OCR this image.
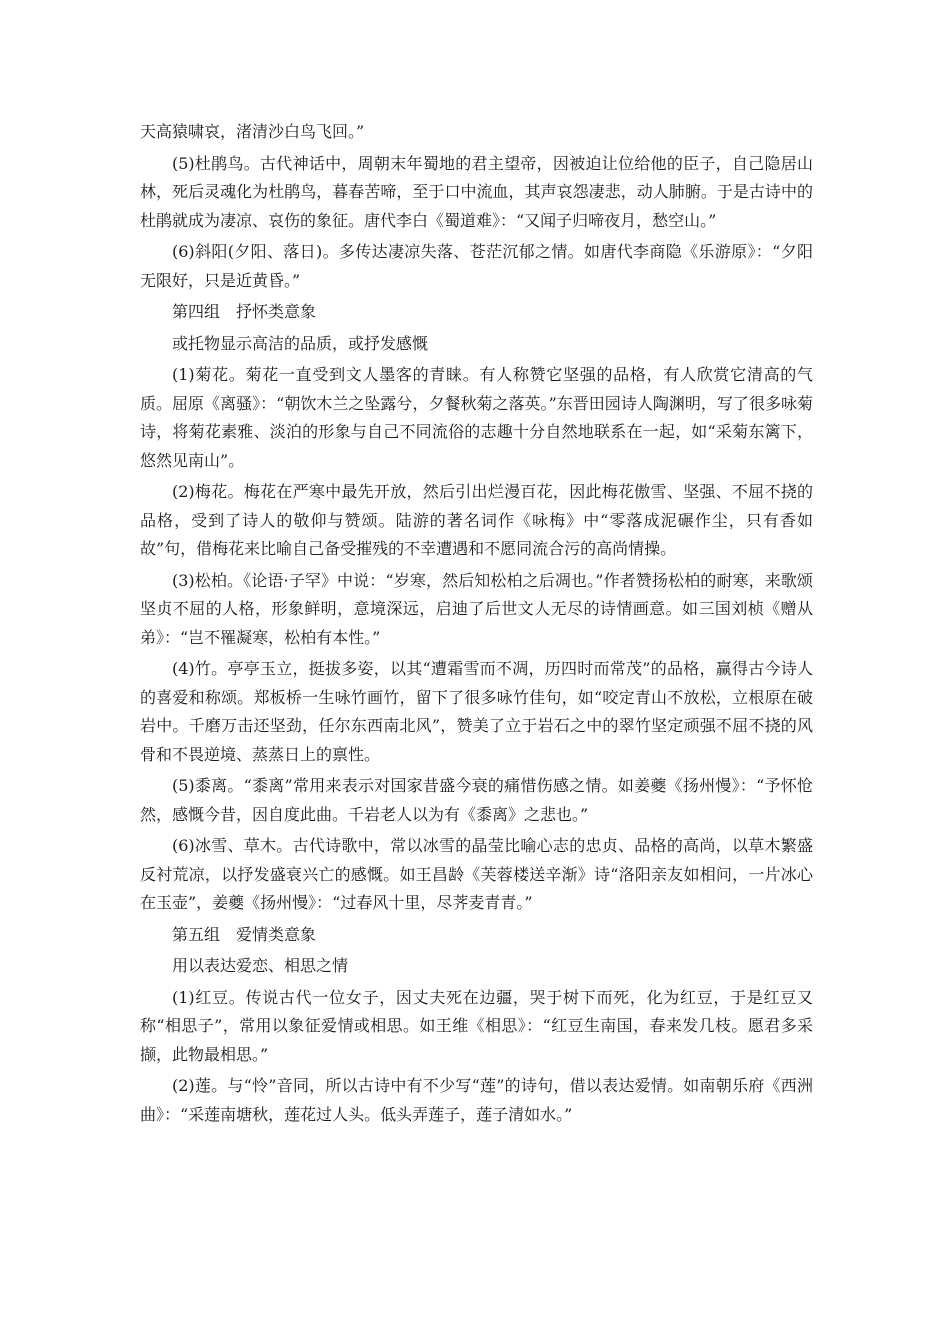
天高猿啸哀，渚清沙白鸟飞回。”

(5)杜鹃鸟。古代神话中，周朝末年蜀地的君主望帝，因被迫让位给他的臣子，自己隐居山林，死后灵魂化为杜鹃鸟，暮春苦啼，至于口中流血，其声哀怨凄悲，动人肺腑。于是古诗中的杜鹃就成为凄凉、哀伤的象征。唐代李白《蜀道难》：“又闻子归啼夜月，愁空山。”

(6)斜阳(夕阳、落日)。多传达凄凉失落、苍茫沉郁之情。如唐代李商隐《乐游原》：“夕阳无限好，只是近黄昏。”

第四组　抒怀类意象

或托物显示高洁的品质，或抒发感慨

(1)菊花。菊花一直受到文人墨客的青睐。有人称赞它坚强的品格，有人欣赏它清高的气质。屈原《离骚》：“朝饮木兰之坠露兮，夕餐秋菊之落英。”东晋田园诗人陶渊明，写了很多咏菊诗，将菊花素雅、淡泊的形象与自己不同流俗的志趣十分自然地联系在一起，如“采菊东篱下，悠然见南山”。

(2)梅花。梅花在严寒中最先开放，然后引出烂漫百花，因此梅花傲雪、坚强、不屈不挠的品格，受到了诗人的敬仰与赞颂。陆游的著名词作《咏梅》中“零落成泥碾作尘，只有香如故”句，借梅花来比喻自己备受摧残的不幸遭遇和不愿同流合污的高尚情操。

(3)松柏。《论语·子罕》中说：“岁寒，然后知松柏之后凋也。”作者赞扬松柏的耐寒，来歌颂坚贞不屈的人格，形象鲜明，意境深远，启迪了后世文人无尽的诗情画意。如三国刘桢《赠从弟》：“岂不罹凝寒，松柏有本性。”

(4)竹。亭亭玉立，挺拔多姿，以其“遭霜雪而不凋，历四时而常茂”的品格，赢得古今诗人的喜爱和称颂。郑板桥一生咏竹画竹，留下了很多咏竹佳句，如“咬定青山不放松，立根原在破岩中。千磨万击还坚劲，任尔东西南北风”，赞美了立于岩石之中的翠竹坚定顽强不屈不挠的风骨和不畏逆境、蒸蒸日上的禀性。

(5)黍离。“黍离”常用来表示对国家昔盛今衰的痛惜伤感之情。如姜夔《扬州慢》：“予怀怆然，感慨今昔，因自度此曲。千岩老人以为有《黍离》之悲也。”

(6)冰雪、草木。古代诗歌中，常以冰雪的晶莹比喻心志的忠贞、品格的高尚，以草木繁盛反衬荒凉，以抒发盛衰兴亡的感慨。如王昌龄《芙蓉楼送辛渐》诗“洛阳亲友如相问，一片冰心在玉壶”，姜夔《扬州慢》：“过春风十里，尽荠麦青青。”

第五组　爱情类意象

用以表达爱恋、相思之情

(1)红豆。传说古代一位女子，因丈夫死在边疆，哭于树下而死，化为红豆，于是红豆又称“相思子”，常用以象征爱情或相思。如王维《相思》：“红豆生南国，春来发几枝。愿君多采撷，此物最相思。”

(2)莲。与“怜”音同，所以古诗中有不少写“莲”的诗句，借以表达爱情。如南朝乐府《西洲曲》：“采莲南塘秋，莲花过人头。低头弄莲子，莲子清如水。”
